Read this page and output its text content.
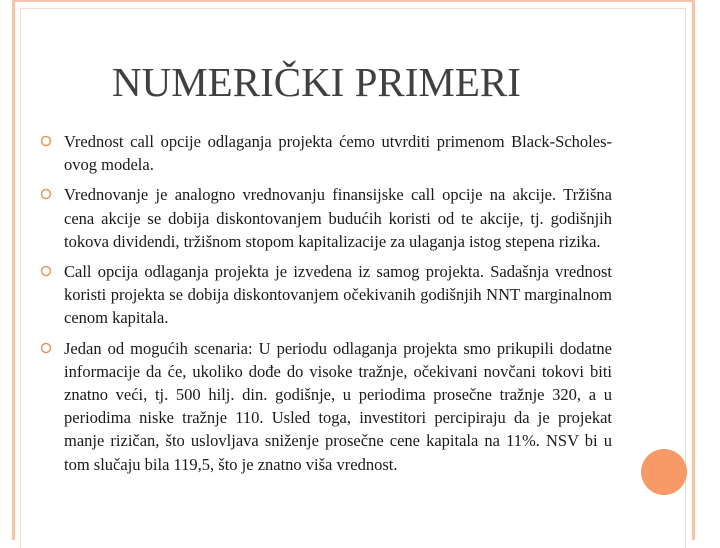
NUMERIČKI PRIMERI
Vrednost call opcije odlaganja projekta ćemo utvrditi primenom Black-Scholes-ovog modela.
Vrednovanje je analogno vrednovanju finansijske call opcije na akcije. Tržišna cena akcije se dobija diskontovanjem budućih koristi od te akcije, tj. godišnjih tokova dividendi, tržišnom stopom kapitalizacije za ulaganja istog stepena rizika.
Call opcija odlaganja projekta je izvedena iz samog projekta. Sadašnja vrednost koristi projekta se dobija diskontovanjem očekivanih godišnjih NNT marginalnom cenom kapitala.
Jedan od mogućih scenaria: U periodu odlaganja projekta smo prikupili dodatne informacije da će, ukoliko dođe do visoke tražnje, očekivani novčani tokovi biti znatno veći, tj. 500 hilj. din. godišnje, u periodima prosečne tražnje 320, a u periodima niske tražnje 110. Usled toga, investitori percipiraju da je projekat manje rizičan, što uslovljava sniženje prosečne cene kapitala na 11%. NSV bi u tom slučaju bila 119,5, što je znatno viša vrednost.
